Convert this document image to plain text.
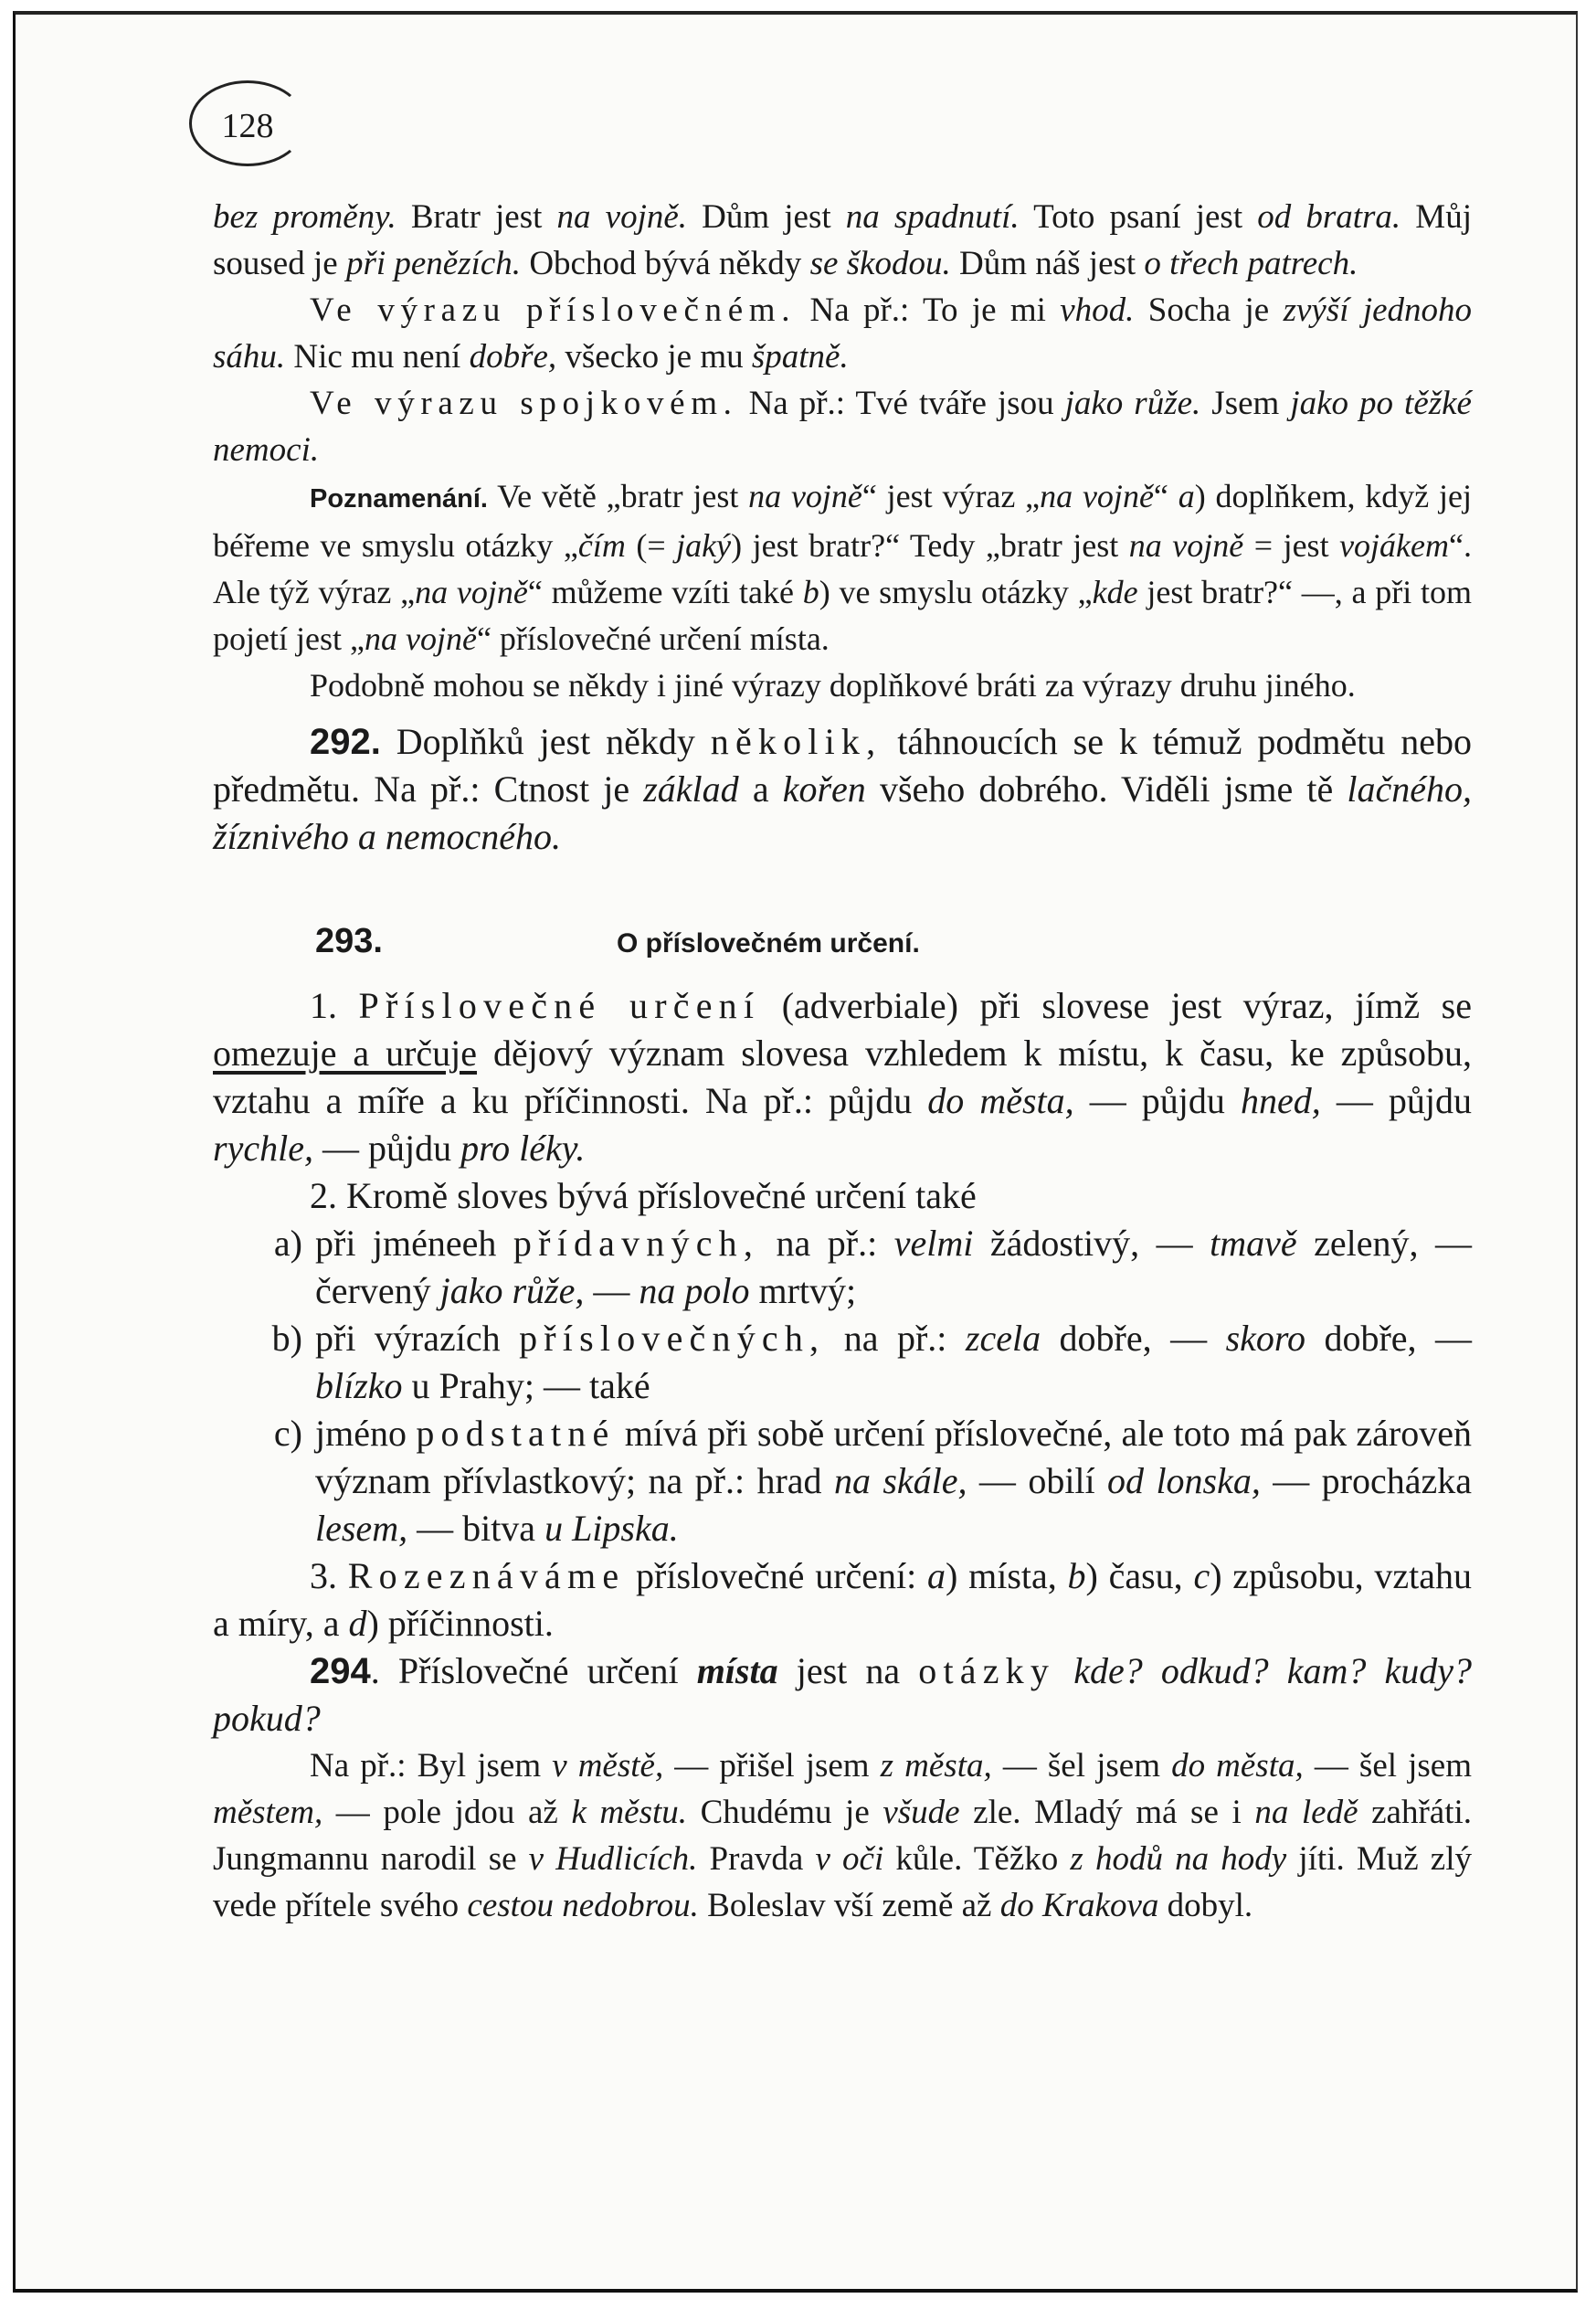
128

bez proměny. Bratr jest na vojně. Dům jest na spadnutí. Toto psaní jest od bratra. Můj soused je při penězích. Obchod bývá někdy se škodou. Dům náš jest o třech patrech.

Ve výrazu příslovečném. Na př.: To je mi vhod. Socha je zvýší jednoho sáhu. Nic mu není dobře, všecko je mu špatně.

Ve výrazu spojkovém. Na př.: Tvé tváře jsou jako růže. Jsem jako po těžké nemoci.

Poznamenání. Ve větě „bratr jest na vojně“ jest výraz „na vojně“ a) doplňkem, když jej béřeme ve smyslu otázky „čím (= jaký) jest bratr?“ Tedy „bratr jest na vojně = jest vojákem“. Ale týž výraz „na vojně“ můžeme vzíti také b) ve smyslu otázky „kde jest bratr?“ —, a při tom pojetí jest „na vojně“ příslovečné určení místa.

Podobně mohou se někdy i jiné výrazy doplňkové bráti za výrazy druhu jiného.

292. Doplňků jest někdy několik, táhnoucích se k témuž podmětu nebo předmětu. Na př.: Ctnost je základ a kořen všeho dobrého. Viděli jsme tě lačného, žíznivého a nemocného.

293.	O příslovečném určení.

1. Příslovečné určení (adverbiale) při slovese jest výraz, jímž se omezuje a určuje dějový význam slovesa vzhledem k místu, k času, ke způsobu, vztahu a míře a ku příčinnosti. Na př.: půjdu do města, — půjdu hned, — půjdu rychle, — půjdu pro léky.

2. Kromě sloves bývá příslovečné určení také

a) při jméneeh přídavných, na př.: velmi žádostivý, — tmavě zelený, — červený jako růže, — na polo mrtvý;
b) při výrazích příslovečných, na př.: zcela dobře, — skoro dobře, — blízko u Prahy; — také
c) jméno podstatné mívá při sobě určení příslovečné, ale toto má pak zároveň význam přívlastkový; na př.: hrad na skále, — obilí od lonska, — procházka lesem, — bitva u Lipska.

3. Rozeznáváme příslovečné určení: a) místa, b) času, c) způsobu, vztahu a míry, a d) příčinnosti.

294. Příslovečné určení místa jest na otázky kde? odkud? kam? kudy? pokud?

Na př.: Byl jsem v městě, — přišel jsem z města, — šel jsem do města, — šel jsem městem, — pole jdou až k městu. Chudému je všude zle. Mladý má se i na ledě zahřáti. Jungmannu narodil se v Hudlicích. Pravda v oči kůle. Těžko z hodů na hody jíti. Muž zlý vede přítele svého cestou nedobrou. Boleslav vší země až do Krakova dobyl.
